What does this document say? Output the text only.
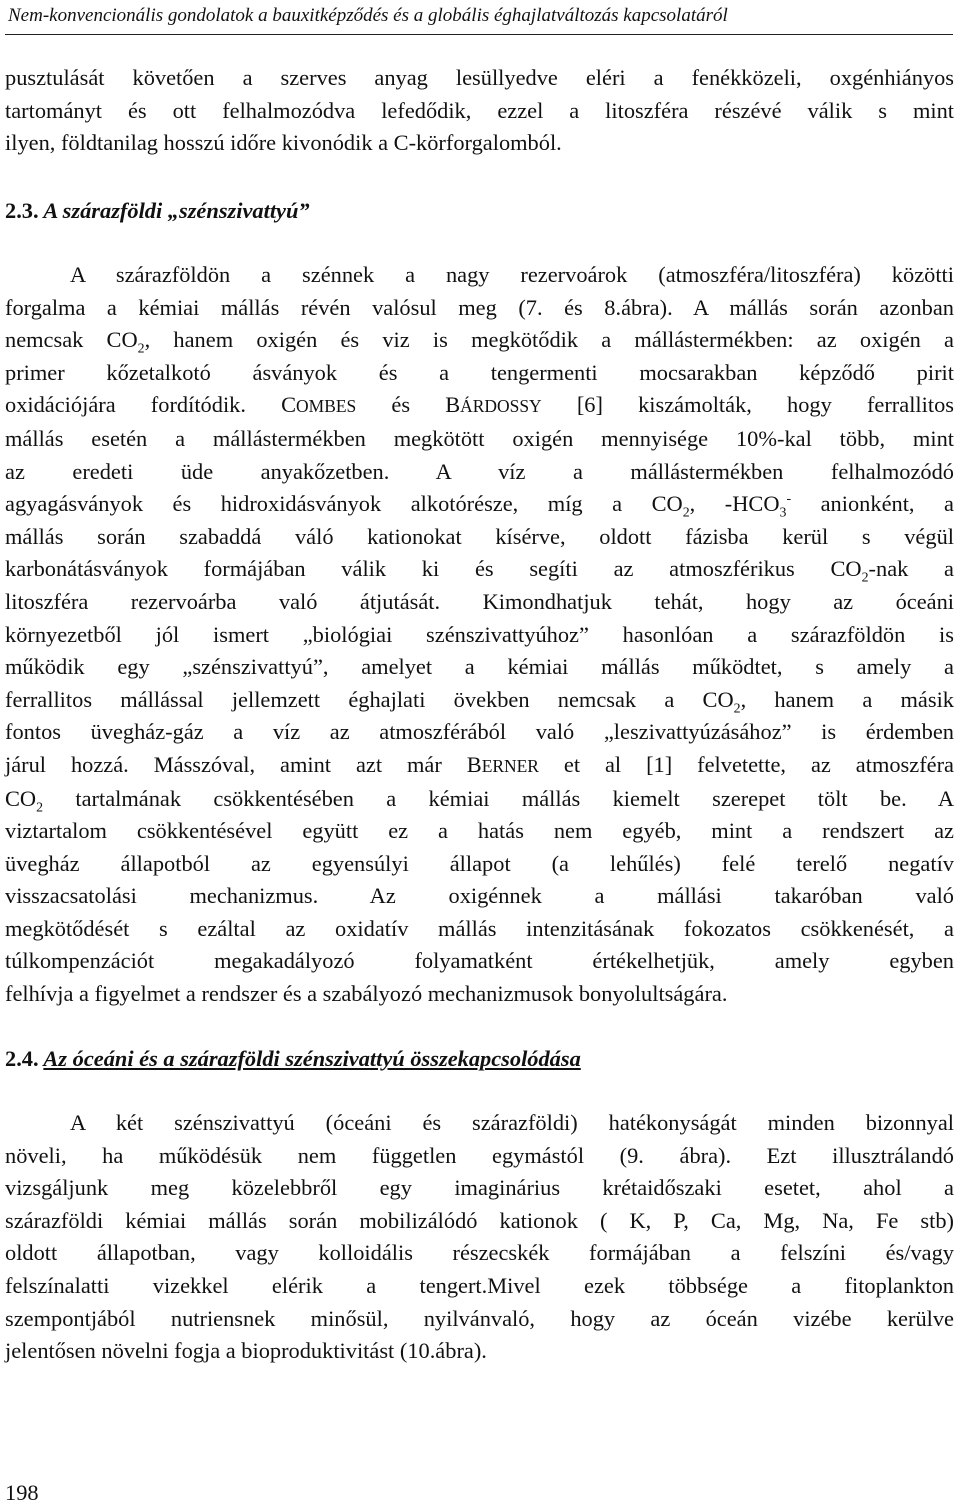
Nem-konvencionális gondolatok a bauxitképződés és a globális éghajlatváltozás kapcsolatáról
pusztulását követően a szerves anyag lesüllyedve eléri a fenékközeli, oxgénhiányos
tartományt és ott felhalmozódva lefedődik, ezzel a litoszféra részévé válik s mint
ilyen, földtanilag hosszú időre kivonódik a C-körforgalomból.
2.3. A szárazföldi „szénszivattyú”
A szárazföldön a szénnek a nagy rezervoárok (atmoszféra/litoszféra) közötti
forgalma a kémiai mállás révén valósul meg (7. és 8.ábra). A mállás során azonban
nemcsak $CO_2$, hanem oxigén és viz is megkötődik a mállástermékben: az oxigén a
primer kőzetalkotó ásványok és a tengermenti mocsarakban képződő pirit
oxidációjára fordítódik. COMBES és BÁRDOSSY [6] kiszámolták, hogy ferrallitos
mállás esetén a mállástermékben megkötött oxigén mennyisége 10%-kal több, mint
az eredeti üde anyakőzetben. A víz a mállástermékben felhalmozódó
agyagásványok és hidroxidásványok alkotórésze, míg a $CO_2$, $-HCO_3^-$ anionként, a
mállás során szabaddá váló kationokat kísérve, oldott fázisba kerül s végül
karbonátásványok formájában válik ki és segíti az atmoszférikus $CO_2$-nak a
litoszféra rezervoárba való átjutását. Kimondhatjuk tehát, hogy az óceáni
környezetből jól ismert „biológiai szénszivattyúhoz” hasonlóan a szárazföldön is
működik egy „szénszivattyú”, amelyet a kémiai mállás működtet, s amely a
ferrallitos mállással jellemzett éghajlati övekben nemcsak a $CO_2$, hanem a másik
fontos üvegház-gáz a víz az atmoszférából való „leszivattyúzásához” is érdemben
járul hozzá. Másszóval, amint azt már BERNER et al [1] felvetette, az atmoszféra
$CO_2$ tartalmának csökkentésében a kémiai mállás kiemelt szerepet tölt be. A
viztartalom csökkentésével együtt ez a hatás nem egyéb, mint a rendszert az
üvegház állapotból az egyensúlyi állapot (a lehűlés) felé terelő negatív
visszacsatolási mechanizmus. Az oxigénnek a mállási takaróban való
megkötődését s ezáltal az oxidatív mállás intenzitásának fokozatos csökkenését, a
túlkompenzációt megakadályozó folyamatként értékelhetjük, amely egyben
felhívja a figyelmet a rendszer és a szabályozó mechanizmusok bonyolultságára.
2.4. Az óceáni és a szárazföldi szénszivattyú összekapcsolódása
A két szénszivattyú (óceáni és szárazföldi) hatékonyságát minden bizonnyal
növeli, ha működésük nem független egymástól (9. ábra). Ezt illusztrálandó
vizsgáljunk meg közelebbről egy imaginárius krétaidőszaki esetet, ahol a
szárazföldi kémiai mállás során mobilizálódó kationok ( K, P, Ca, Mg, Na, Fe stb)
oldott állapotban, vagy kolloidális részecskék formájában a felszíni és/vagy
felszínalatti vizekkel elérik a tengert.Mivel ezek többsége a fitoplankton
szempontjából nutriensnek minősül, nyilvánvaló, hogy az óceán vizébe kerülve
jelentősen növelni fogja a bioproduktivitást (10.ábra).
198
